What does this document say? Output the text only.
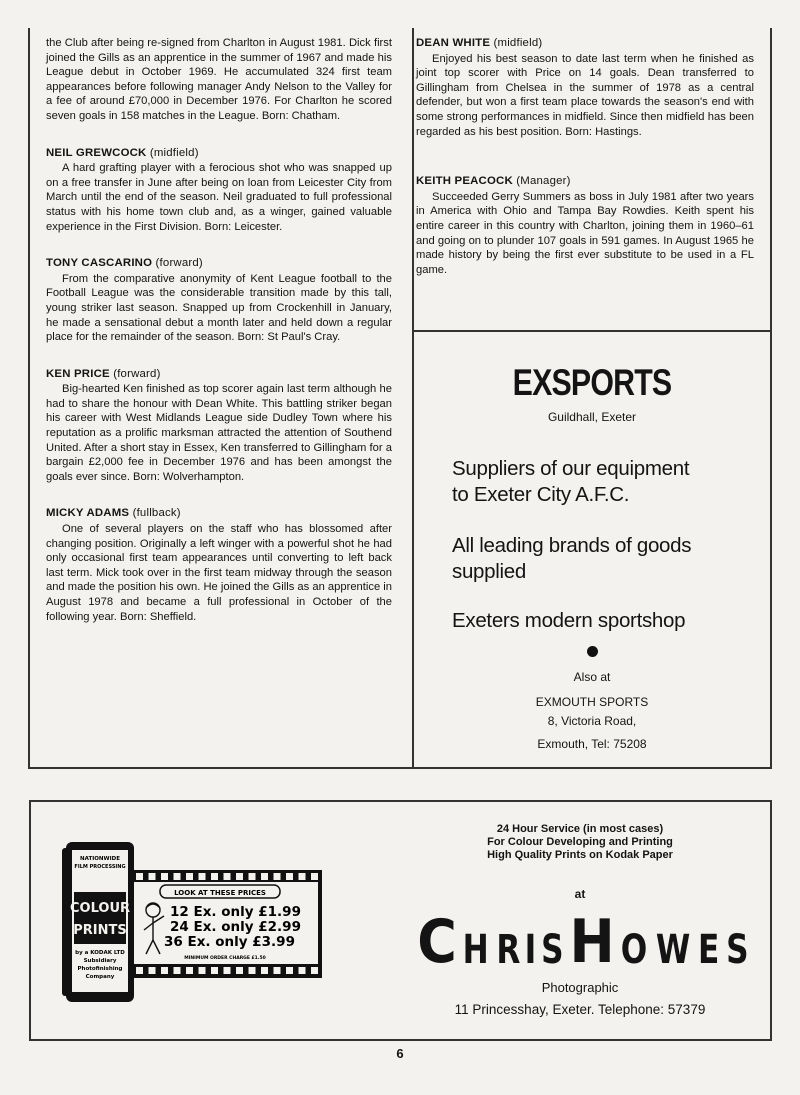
the Club after being re-signed from Charlton in August 1981. Dick first joined the Gills as an apprentice in the summer of 1967 and made his League debut in October 1969. He accumulated 324 first team appearances before following manager Andy Nelson to the Valley for a fee of around £70,000 in December 1976. For Charlton he scored seven goals in 158 matches in the League. Born: Chatham.

NEIL GREWCOCK (midfield)

A hard grafting player with a ferocious shot who was snapped up on a free transfer in June after being on loan from Leicester City from March until the end of the season. Neil graduated to full professional status with his home town club and, as a winger, gained valuable experience in the First Division. Born: Leicester.

TONY CASCARINO (forward)

From the comparative anonymity of Kent League football to the Football League was the considerable transition made by this tall, young striker last season. Snapped up from Crockenhill in January, he made a sensational debut a month later and held down a regular place for the remainder of the season. Born: St Paul's Cray.

KEN PRICE (forward)

Big-hearted Ken finished as top scorer again last term although he had to share the honour with Dean White. This battling striker began his career with West Midlands League side Dudley Town where his reputation as a prolific marksman attracted the attention of Southend United. After a short stay in Essex, Ken transferred to Gillingham for a bargain £2,000 fee in December 1976 and has been amongst the goals ever since. Born: Wolverhampton.

MICKY ADAMS (fullback)

One of several players on the staff who has blossomed after changing position. Originally a left winger with a powerful shot he had only occasional first team appearances until converting to left back last term. Mick took over in the first team midway through the season and made the position his own. He joined the Gills as an apprentice in August 1978 and became a full professional in October of the following year. Born: Sheffield.

DEAN WHITE (midfield)

Enjoyed his best season to date last term when he finished as joint top scorer with Price on 14 goals. Dean transferred to Gillingham from Chelsea in the summer of 1978 as a central defender, but won a first team place towards the season's end with some strong performances in midfield. Since then midfield has been regarded as his best position. Born: Hastings.

KEITH PEACOCK (Manager)

Succeeded Gerry Summers as boss in July 1981 after two years in America with Ohio and Tampa Bay Rowdies. Keith spent his entire career in this country with Charlton, joining them in 1960–61 and going on to plunder 107 goals in 591 games. In August 1965 he made history by being the first ever substitute to be used in a FL game.

EXSPORTS
Guildhall, Exeter
Suppliers of our equipment
to Exeter City A.F.C.
All leading brands of goods
supplied
Exeters modern sportshop
Also at
EXMOUTH SPORTS
8, Victoria Road,
Exmouth, Tel: 75208
NATIONWIDE
FILM PROCESSING
COLOUR
PRINTS
by a KODAK LTD
Subsidiary
Photofinishing
Company
LOOK AT THESE PRICES
12 Ex. only £1.99
24 Ex. only £2.99
36 Ex. only £3.99
MINIMUM ORDER CHARGE £1.50
24 Hour Service (in most cases)
For Colour Developing and Printing
High Quality Prints on Kodak Paper
at
C H R I S H O W E S
Photographic
11 Princesshay, Exeter. Telephone: 57379
6
